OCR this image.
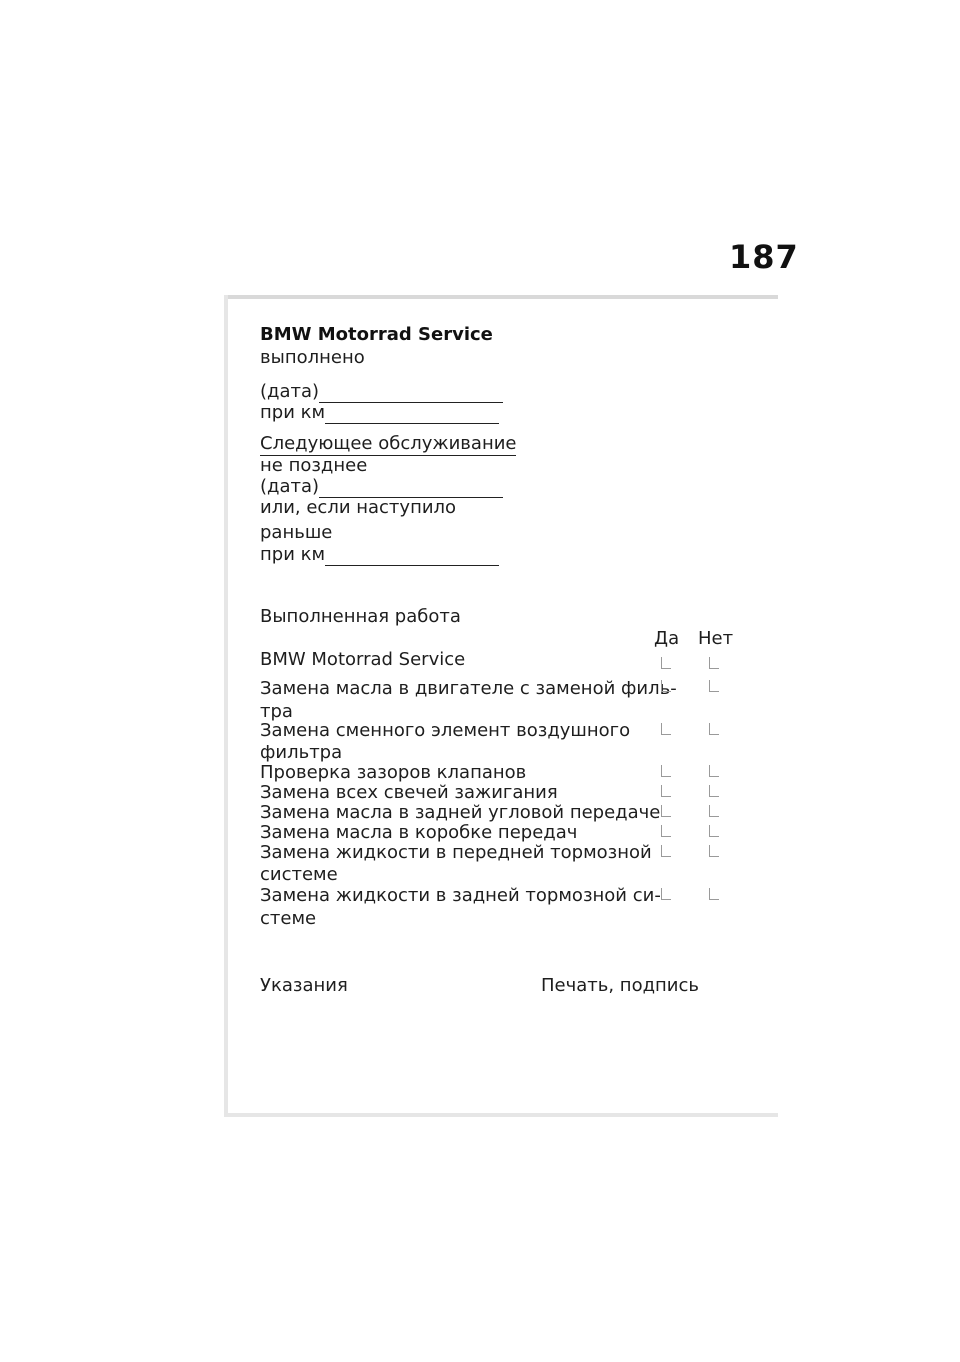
187
BMW Motorrad Service
выполнено
(дата)
при км
Следующее обслуживание
не позднее
(дата)
или, если наступило
раньше
при км
Выполненная работа
Да Нет
BMW Motorrad Service
Замена масла в двигателе с заменой филь-
тра
Замена сменного элемент воздушного
фильтра
Проверка зазоров клапанов
Замена всех свечей зажигания
Замена масла в задней угловой передаче
Замена масла в коробке передач
Замена жидкости в передней тормозной
системе
Замена жидкости в задней тормозной си-
стеме
Указания	Печать, подпись
